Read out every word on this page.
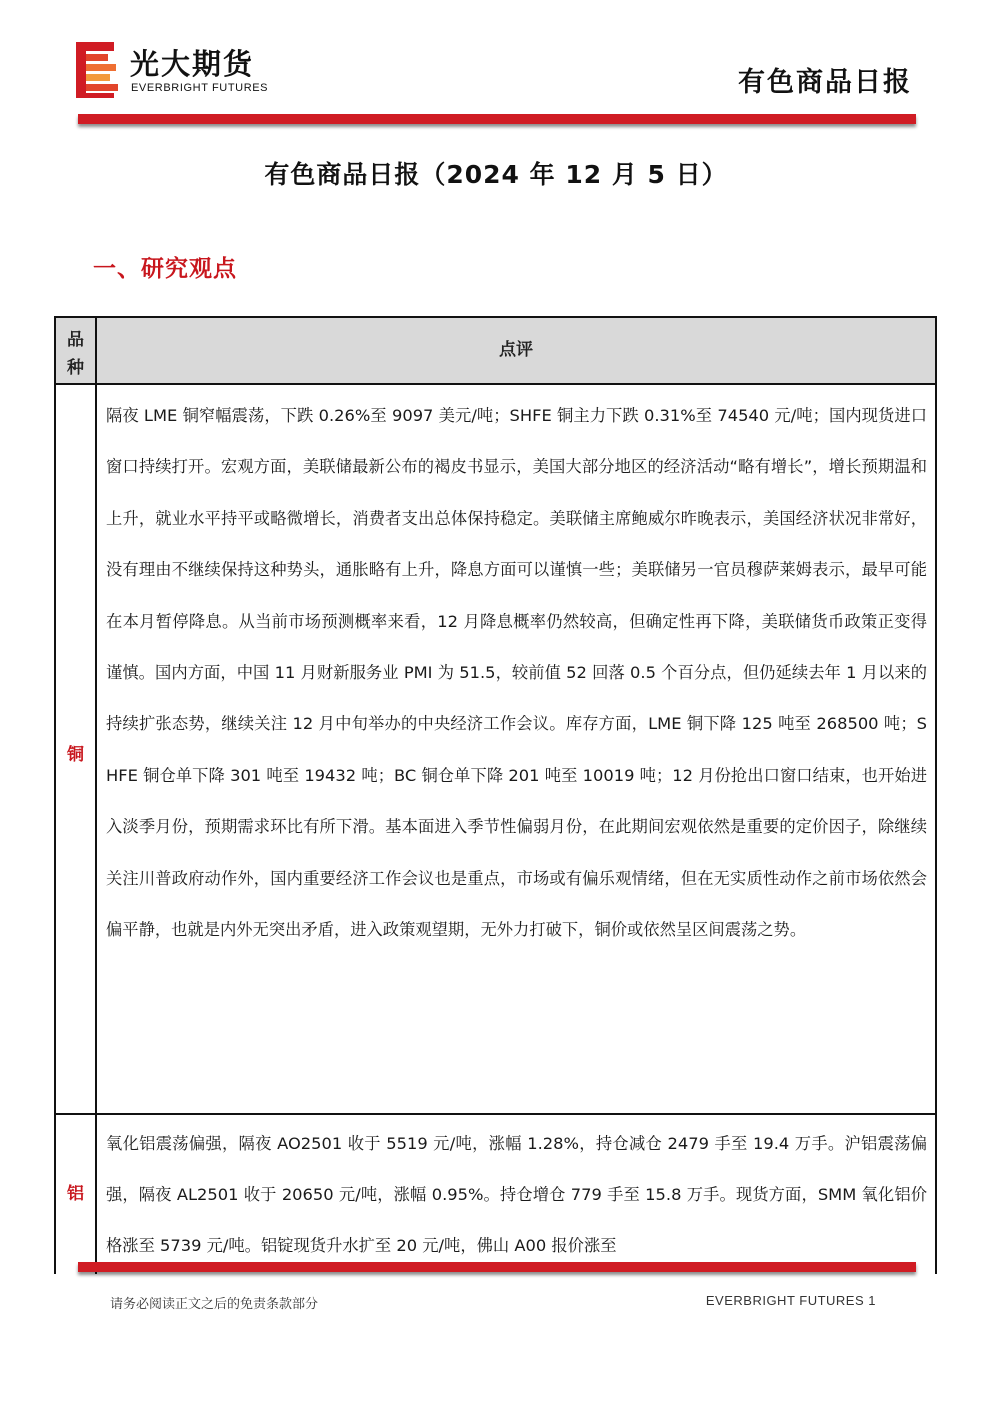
光大期货
EVERBRIGHT FUTURES	有色商品日报
有色商品日报（2024 年 12 月 5 日）
一、研究观点
品
种
点评
铜
隔夜 LME 铜窄幅震荡，下跌 0.26%至 9097 美元/吨；SHFE 铜主力下跌 0.31%至 74540 元/吨；国内现货进口窗口持续打开。宏观方面，美联储最新公布的褐皮书显示，美国大部分地区的经济活动“略有增长”，增长预期温和上升，就业水平持平或略微增长，消费者支出总体保持稳定。美联储主席鲍威尔昨晚表示，美国经济状况非常好，没有理由不继续保持这种势头，通胀略有上升，降息方面可以谨慎一些；美联储另一官员穆萨莱姆表示，最早可能在本月暂停降息。从当前市场预测概率来看，12 月降息概率仍然较高，但确定性再下降，美联储货币政策正变得谨慎。国内方面，中国 11 月财新服务业 PMI 为 51.5，较前值 52 回落 0.5 个百分点，但仍延续去年 1 月以来的持续扩张态势，继续关注 12 月中旬举办的中央经济工作会议。库存方面，LME 铜下降 125 吨至 268500 吨；SHFE 铜仓单下降 301 吨至 19432 吨；BC 铜仓单下降 201 吨至 10019 吨；12 月份抢出口窗口结束，也开始进入淡季月份，预期需求环比有所下滑。基本面进入季节性偏弱月份，在此期间宏观依然是重要的定价因子，除继续关注川普政府动作外，国内重要经济工作会议也是重点，市场或有偏乐观情绪，但在无实质性动作之前市场依然会偏平静，也就是内外无突出矛盾，进入政策观望期，无外力打破下，铜价或依然呈区间震荡之势。
铝
氧化铝震荡偏强，隔夜 AO2501 收于 5519 元/吨，涨幅 1.28%，持仓减仓 2479 手至 19.4 万手。沪铝震荡偏强，隔夜 AL2501 收于 20650 元/吨，涨幅 0.95%。持仓增仓 779 手至 15.8 万手。现货方面，SMM 氧化铝价格涨至 5739 元/吨。铝锭现货升水扩至 20 元/吨，佛山 A00 报价涨至
请务必阅读正文之后的免责条款部分	EVERBRIGHT FUTURES 1
